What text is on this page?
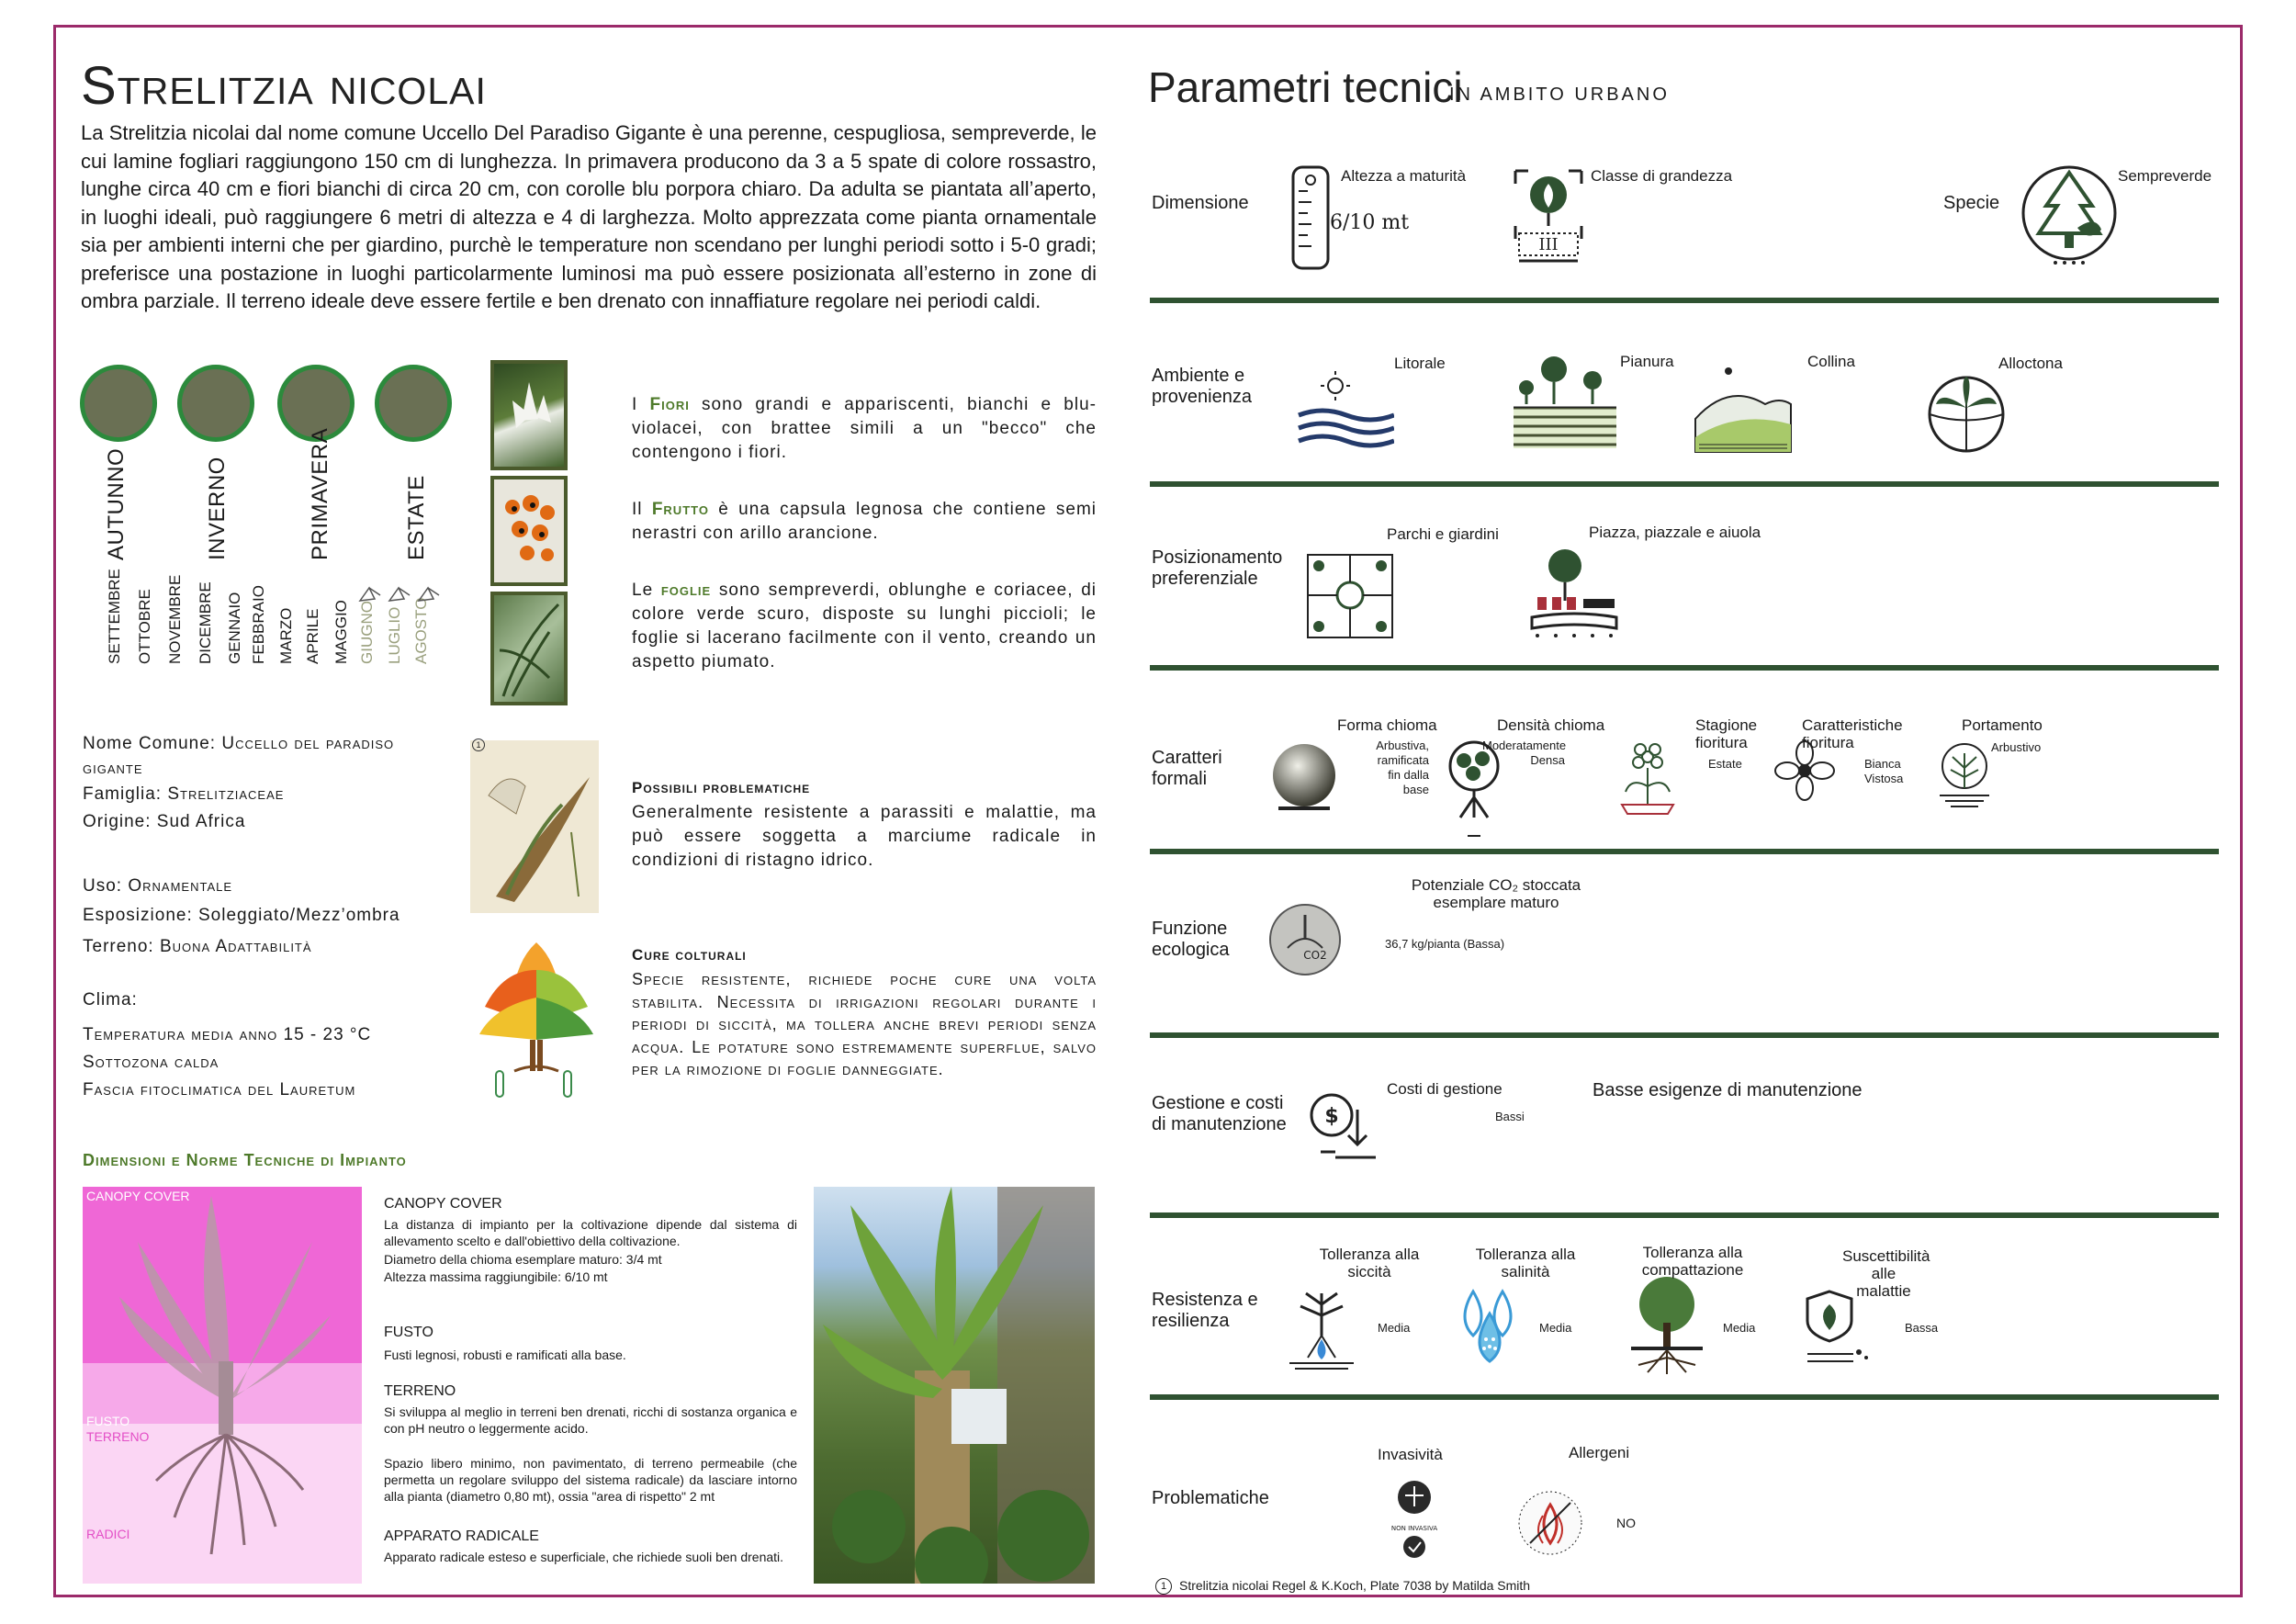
Strelitzia nicolai
La Strelitzia nicolai dal nome comune Uccello Del Paradiso Gigante è una perenne, cespugliosa, sempreverde, le cui lamine fogliari raggiungono 150 cm di lunghezza. In primavera producono da 3 a 5 spate di colore rossastro, lunghe circa 40 cm e fiori bianchi di circa 20 cm, con corolle blu porpora chiaro. Da adulta se piantata all’aperto, in luoghi ideali, può raggiungere 6 metri di altezza e 4 di larghezza. Molto apprezzata come pianta ornamentale sia per ambienti interni che per giardino, purchè le temperature non scendano per lunghi periodi sotto i 5-0 gradi; preferisce una postazione in luoghi particolarmente luminosi ma può essere posizionata all’esterno in zone di ombra parziale. Il terreno ideale deve essere fertile e ben drenato con innaffiature regolare nei periodi caldi.
AUTUNNO	INVERNO	PRIMAVERA	ESTATE
SETTEMBRE OTTOBRE NOVEMBRE DICEMBRE GENNAIO FEBBRAIO MARZO APRILE MAGGIO GIUGNO LUGLIO AGOSTO
I Fiori sono grandi e appariscenti, bianchi e blu-violacei, con brattee simili a un "becco" che contengono i fiori.
Il Frutto è una capsula legnosa che contiene semi nerastri con arillo arancione.
Le foglie sono sempreverdi, oblunghe e coriacee, di colore verde scuro, disposte su lunghi piccioli; le foglie si lacerano facilmente con il vento, creando un aspetto piumato.
Nome Comune: Uccello del paradiso
gigante
Famiglia: Strelitziaceae
Origine: Sud Africa
Uso: Ornamentale
Esposizione: Soleggiato/Mezz’ombra
Terreno: Buona Adattabilità
Clima:
Temperatura media anno 15 - 23 °C
Sottozona calda
Fascia fitoclimatica del Lauretum
1
Possibili problematiche
Generalmente resistente a parassiti e malattie, ma può essere soggetta a marciume radicale in condizioni di ristagno idrico.
Cure colturali
Specie resistente, richiede poche cure una volta stabilita. Necessita di irrigazioni regolari durante i periodi di siccità, ma tollera anche brevi periodi senza acqua. Le potature sono estremamente superflue, salvo per la rimozione di foglie danneggiate.
Dimensioni e Norme Tecniche di Impianto
CANOPY COVER
FUSTO
TERRENO
RADICI
CANOPY COVER
La distanza di impianto per la coltivazione dipende dal sistema di allevamento scelto e dall'obiettivo della coltivazione.
Diametro della chioma esemplare maturo: 3/4 mt
Altezza massima raggiungibile: 6/10 mt
FUSTO
Fusti legnosi, robusti e ramificati alla base.
TERRENO
Si sviluppa al meglio in terreni ben drenati, ricchi di sostanza organica e con pH neutro o leggermente acido.
Spazio libero minimo, non pavimentato, di terreno permeabile (che permetta un regolare sviluppo del sistema radicale) da lasciare intorno alla pianta (diametro 0,80 mt), ossia "area di rispetto" 2 mt
APPARATO RADICALE
Apparato radicale esteso e superficiale, che richiede suoli ben drenati.
Parametri tecnici
IN AMBITO URBANO
Dimensione
Altezza a maturità
6/10 mt
III
Classe di grandezza
Specie
Sempreverde
Ambiente e provenienza
Litorale	Pianura	Collina	Alloctona
Posizionamento preferenziale
Parchi e giardini	Piazza, piazzale e aiuola
Caratteri formali
Forma chioma
Arbustiva, ramificata fin dalla base
Densità chioma
Moderatamente Densa
Stagione fioritura
Estate
Caratteristiche fioritura
Bianca Vistosa
Portamento
Arbustivo
Funzione ecologica	CO2
Potenziale CO₂ stoccata esemplare maturo
36,7 kg/pianta (Bassa)
Gestione e costi di manutenzione	$
Costi di gestione
Bassi
Basse esigenze di manutenzione
Resistenza e resilienza
Tolleranza alla siccità
Media
Tolleranza alla salinità
Media
Tolleranza alla compattazione
Media
Suscettibilità alle malattie
Bassa
Problematiche
Invasività
NON INVASIVA
Allergeni
NO
1 Strelitzia nicolai Regel & K.Koch, Plate 7038 by Matilda Smith
